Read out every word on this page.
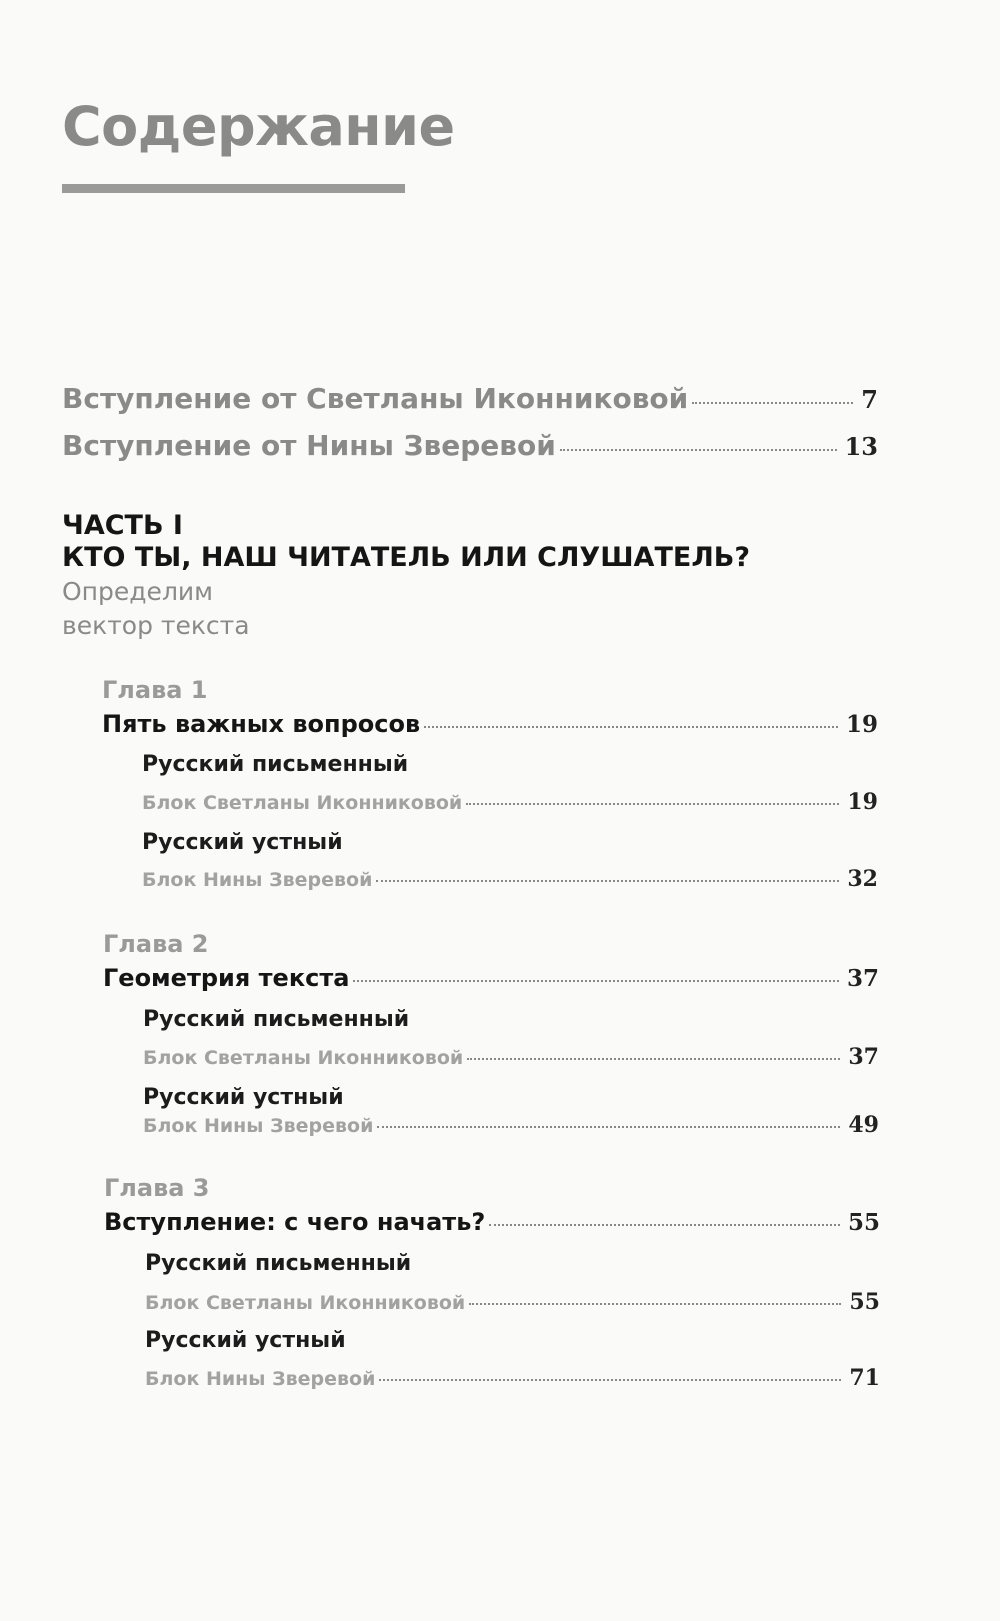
Содержание
Вступление от Светланы Иконниковой	7
Вступление от Нины Зверевой	13
ЧАСТЬ I
КТО ТЫ, НАШ ЧИТАТЕЛЬ ИЛИ СЛУШАТЕЛЬ?
Определим
вектор текста
Глава 1
Пять важных вопросов	19
Русский письменный
Блок Светланы Иконниковой	19
Русский устный
Блок Нины Зверевой	32
Глава 2
Геометрия текста	37
Русский письменный
Блок Светланы Иконниковой	37
Русский устный
Блок Нины Зверевой	49
Глава 3
Вступление: с чего начать?	55
Русский письменный
Блок Светланы Иконниковой	55
Русский устный
Блок Нины Зверевой	71
